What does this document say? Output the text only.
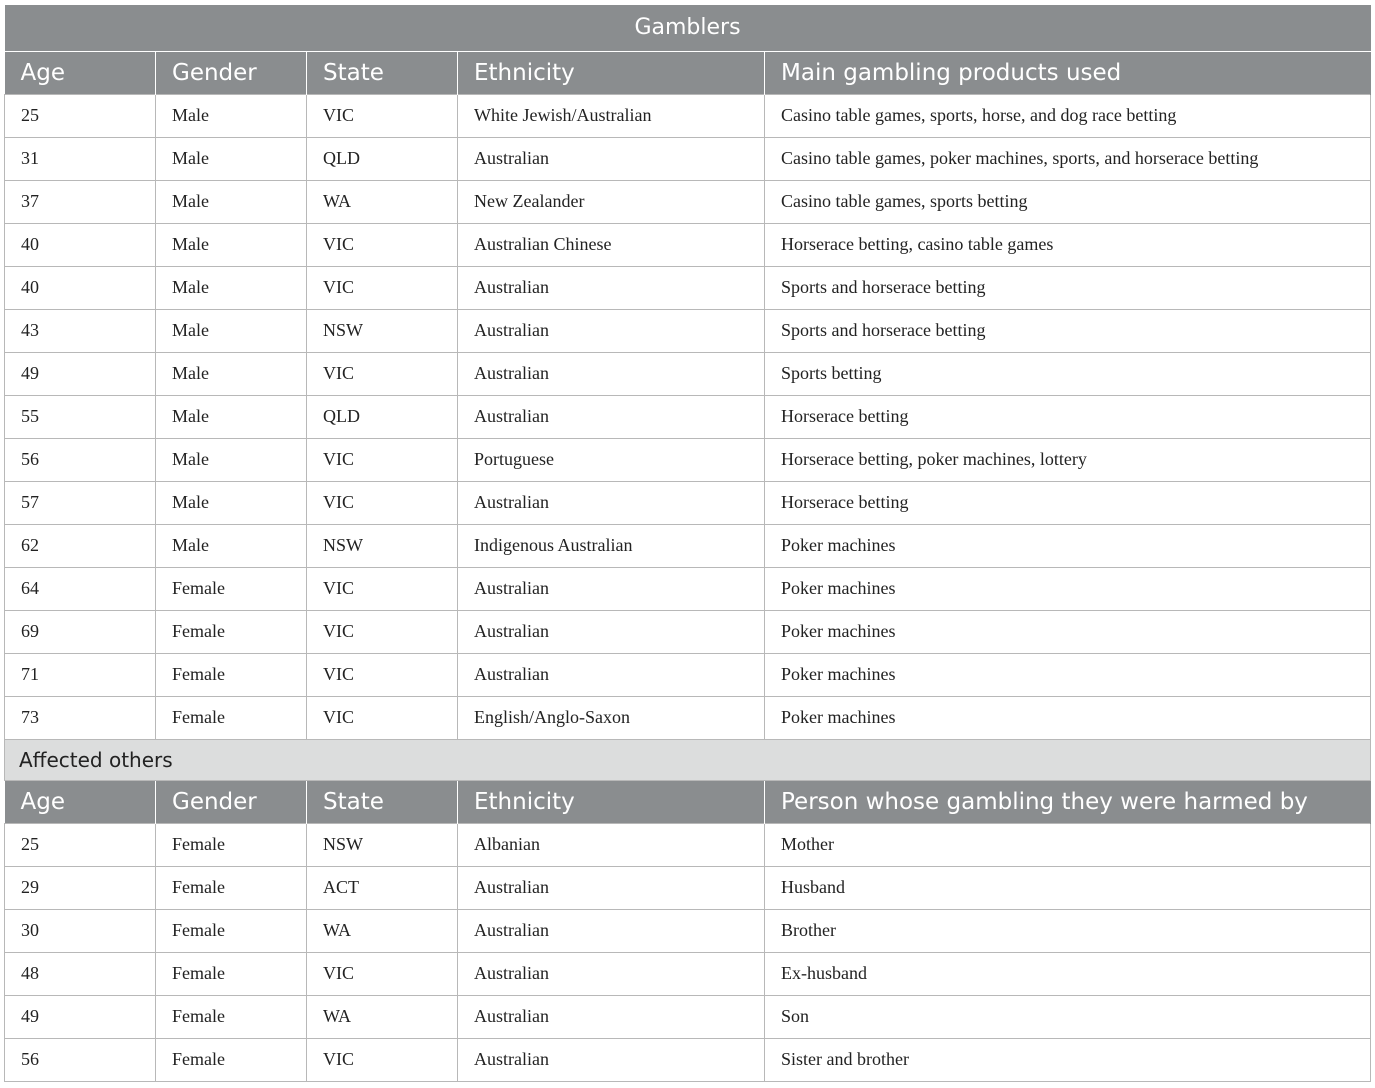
Gamblers				
Age	Gender	State	Ethnicity	Main gambling products used
25	Male	VIC	White Jewish/Australian	Casino table games, sports, horse, and dog race betting
31	Male	QLD	Australian	Casino table games, poker machines, sports, and horserace betting
37	Male	WA	New Zealander	Casino table games, sports betting
40	Male	VIC	Australian Chinese	Horserace betting, casino table games
40	Male	VIC	Australian	Sports and horserace betting
43	Male	NSW	Australian	Sports and horserace betting
49	Male	VIC	Australian	Sports betting
55	Male	QLD	Australian	Horserace betting
56	Male	VIC	Portuguese	Horserace betting, poker machines, lottery
57	Male	VIC	Australian	Horserace betting
62	Male	NSW	Indigenous Australian	Poker machines
64	Female	VIC	Australian	Poker machines
69	Female	VIC	Australian	Poker machines
71	Female	VIC	Australian	Poker machines
73	Female	VIC	English/Anglo-Saxon	Poker machines
Affected others				
Age	Gender	State	Ethnicity	Person whose gambling they were harmed by
25	Female	NSW	Albanian	Mother
29	Female	ACT	Australian	Husband
30	Female	WA	Australian	Brother
48	Female	VIC	Australian	Ex-husband
49	Female	WA	Australian	Son
56	Female	VIC	Australian	Sister and brother
